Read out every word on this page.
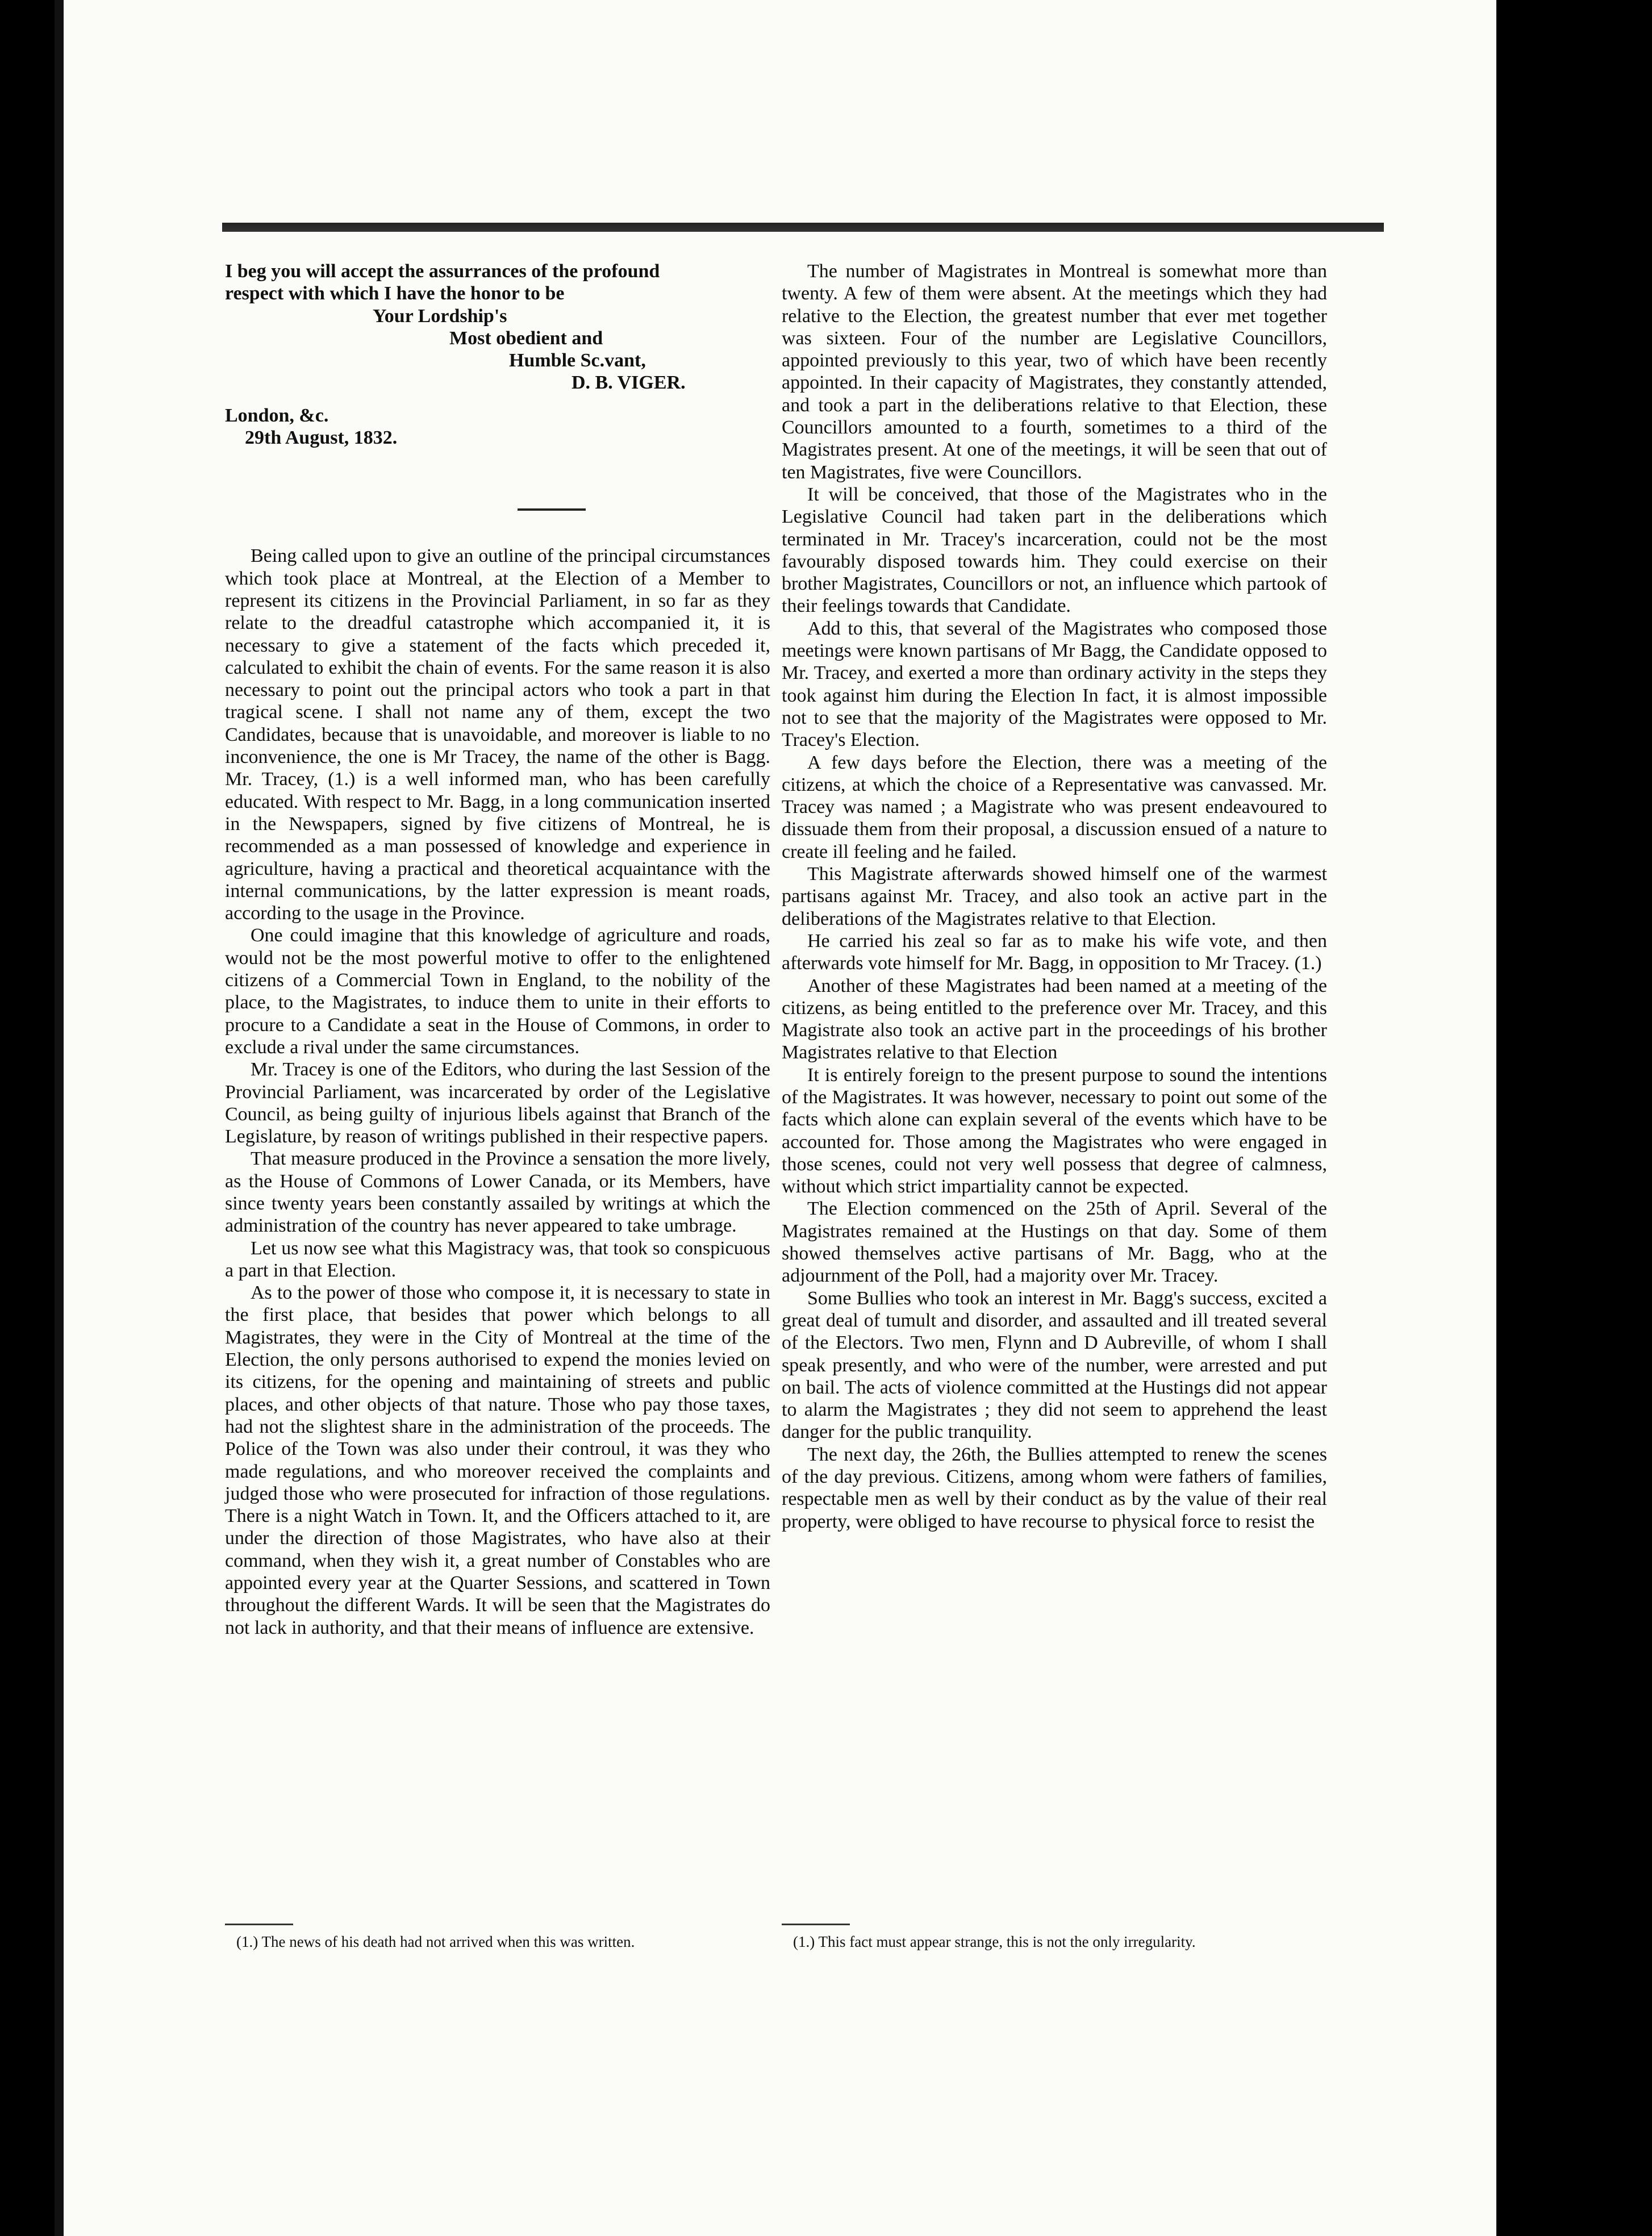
I beg you will accept the assurrances of the profound
respect with which I have the honor to be
Your Lordship's
Most obedient and
Humble Sc.vant,
D. B. VIGER.
London, &c.
29th August, 1832.

Being called upon to give an outline of the principal circumstances which took place at Montreal, at the Election of a Member to represent its citizens in the Provincial Parliament, in so far as they relate to the dreadful catastrophe which accompanied it, it is necessary to give a statement of the facts which preceded it, calculated to exhibit the chain of events. For the same reason it is also necessary to point out the principal actors who took a part in that tragical scene. I shall not name any of them, except the two Candidates, because that is unavoidable, and moreover is liable to no inconvenience, the one is Mr Tracey, the name of the other is Bagg. Mr. Tracey, (1.) is a well informed man, who has been carefully educated. With respect to Mr. Bagg, in a long communication inserted in the Newspapers, signed by five citizens of Montreal, he is recommended as a man possessed of knowledge and experience in agriculture, having a practical and theoretical acquaintance with the internal communications, by the latter expression is meant roads, according to the usage in the Province.

One could imagine that this knowledge of agriculture and roads, would not be the most powerful motive to offer to the enlightened citizens of a Commercial Town in England, to the nobility of the place, to the Magistrates, to induce them to unite in their efforts to procure to a Candidate a seat in the House of Commons, in order to exclude a rival under the same circumstances.

Mr. Tracey is one of the Editors, who during the last Session of the Provincial Parliament, was incarcerated by order of the Legislative Council, as being guilty of injurious libels against that Branch of the Legislature, by reason of writings published in their respective papers.

That measure produced in the Province a sensation the more lively, as the House of Commons of Lower Canada, or its Members, have since twenty years been constantly assailed by writings at which the administration of the country has never appeared to take umbrage.

Let us now see what this Magistracy was, that took so conspicuous a part in that Election.

As to the power of those who compose it, it is necessary to state in the first place, that besides that power which belongs to all Magistrates, they were in the City of Montreal at the time of the Election, the only persons authorised to expend the monies levied on its citizens, for the opening and maintaining of streets and public places, and other objects of that nature. Those who pay those taxes, had not the slightest share in the administration of the proceeds. The Police of the Town was also under their controul, it was they who made regulations, and who moreover received the complaints and judged those who were prosecuted for infraction of those regulations. There is a night Watch in Town. It, and the Officers attached to it, are under the direction of those Magistrates, who have also at their command, when they wish it, a great number of Constables who are appointed every year at the Quarter Sessions, and scattered in Town throughout the different Wards. It will be seen that the Magistrates do not lack in authority, and that their means of influence are extensive.

The number of Magistrates in Montreal is somewhat more than twenty. A few of them were absent. At the meetings which they had relative to the Election, the greatest number that ever met together was sixteen. Four of the number are Legislative Councillors, appointed previously to this year, two of which have been recently appointed. In their capacity of Magistrates, they constantly attended, and took a part in the deliberations relative to that Election, these Councillors amounted to a fourth, sometimes to a third of the Magistrates present. At one of the meetings, it will be seen that out of ten Magistrates, five were Councillors.

It will be conceived, that those of the Magistrates who in the Legislative Council had taken part in the deliberations which terminated in Mr. Tracey's incarceration, could not be the most favourably disposed towards him. They could exercise on their brother Magistrates, Councillors or not, an influence which partook of their feelings towards that Candidate.

Add to this, that several of the Magistrates who composed those meetings were known partisans of Mr Bagg, the Candidate opposed to Mr. Tracey, and exerted a more than ordinary activity in the steps they took against him during the Election In fact, it is almost impossible not to see that the majority of the Magistrates were opposed to Mr. Tracey's Election.

A few days before the Election, there was a meeting of the citizens, at which the choice of a Representative was canvassed. Mr. Tracey was named ; a Magistrate who was present endeavoured to dissuade them from their proposal, a discussion ensued of a nature to create ill feeling and he failed.

This Magistrate afterwards showed himself one of the warmest partisans against Mr. Tracey, and also took an active part in the deliberations of the Magistrates relative to that Election.

He carried his zeal so far as to make his wife vote, and then afterwards vote himself for Mr. Bagg, in opposition to Mr Tracey. (1.)

Another of these Magistrates had been named at a meeting of the citizens, as being entitled to the preference over Mr. Tracey, and this Magistrate also took an active part in the proceedings of his brother Magistrates relative to that Election

It is entirely foreign to the present purpose to sound the intentions of the Magistrates. It was however, necessary to point out some of the facts which alone can explain several of the events which have to be accounted for. Those among the Magistrates who were engaged in those scenes, could not very well possess that degree of calmness, without which strict impartiality cannot be expected.

The Election commenced on the 25th of April. Several of the Magistrates remained at the Hustings on that day. Some of them showed themselves active partisans of Mr. Bagg, who at the adjournment of the Poll, had a majority over Mr. Tracey.

Some Bullies who took an interest in Mr. Bagg's success, excited a great deal of tumult and disorder, and assaulted and ill treated several of the Electors. Two men, Flynn and D Aubreville, of whom I shall speak presently, and who were of the number, were arrested and put on bail. The acts of violence committed at the Hustings did not appear to alarm the Magistrates ; they did not seem to apprehend the least danger for the public tranquility.

The next day, the 26th, the Bullies attempted to renew the scenes of the day previous. Citizens, among whom were fathers of families, respectable men as well by their conduct as by the value of their real property, were obliged to have recourse to physical force to resist the

(1.) The news of his death had not arrived when this was written.	(1.) This fact must appear strange, this is not the only irregularity.
